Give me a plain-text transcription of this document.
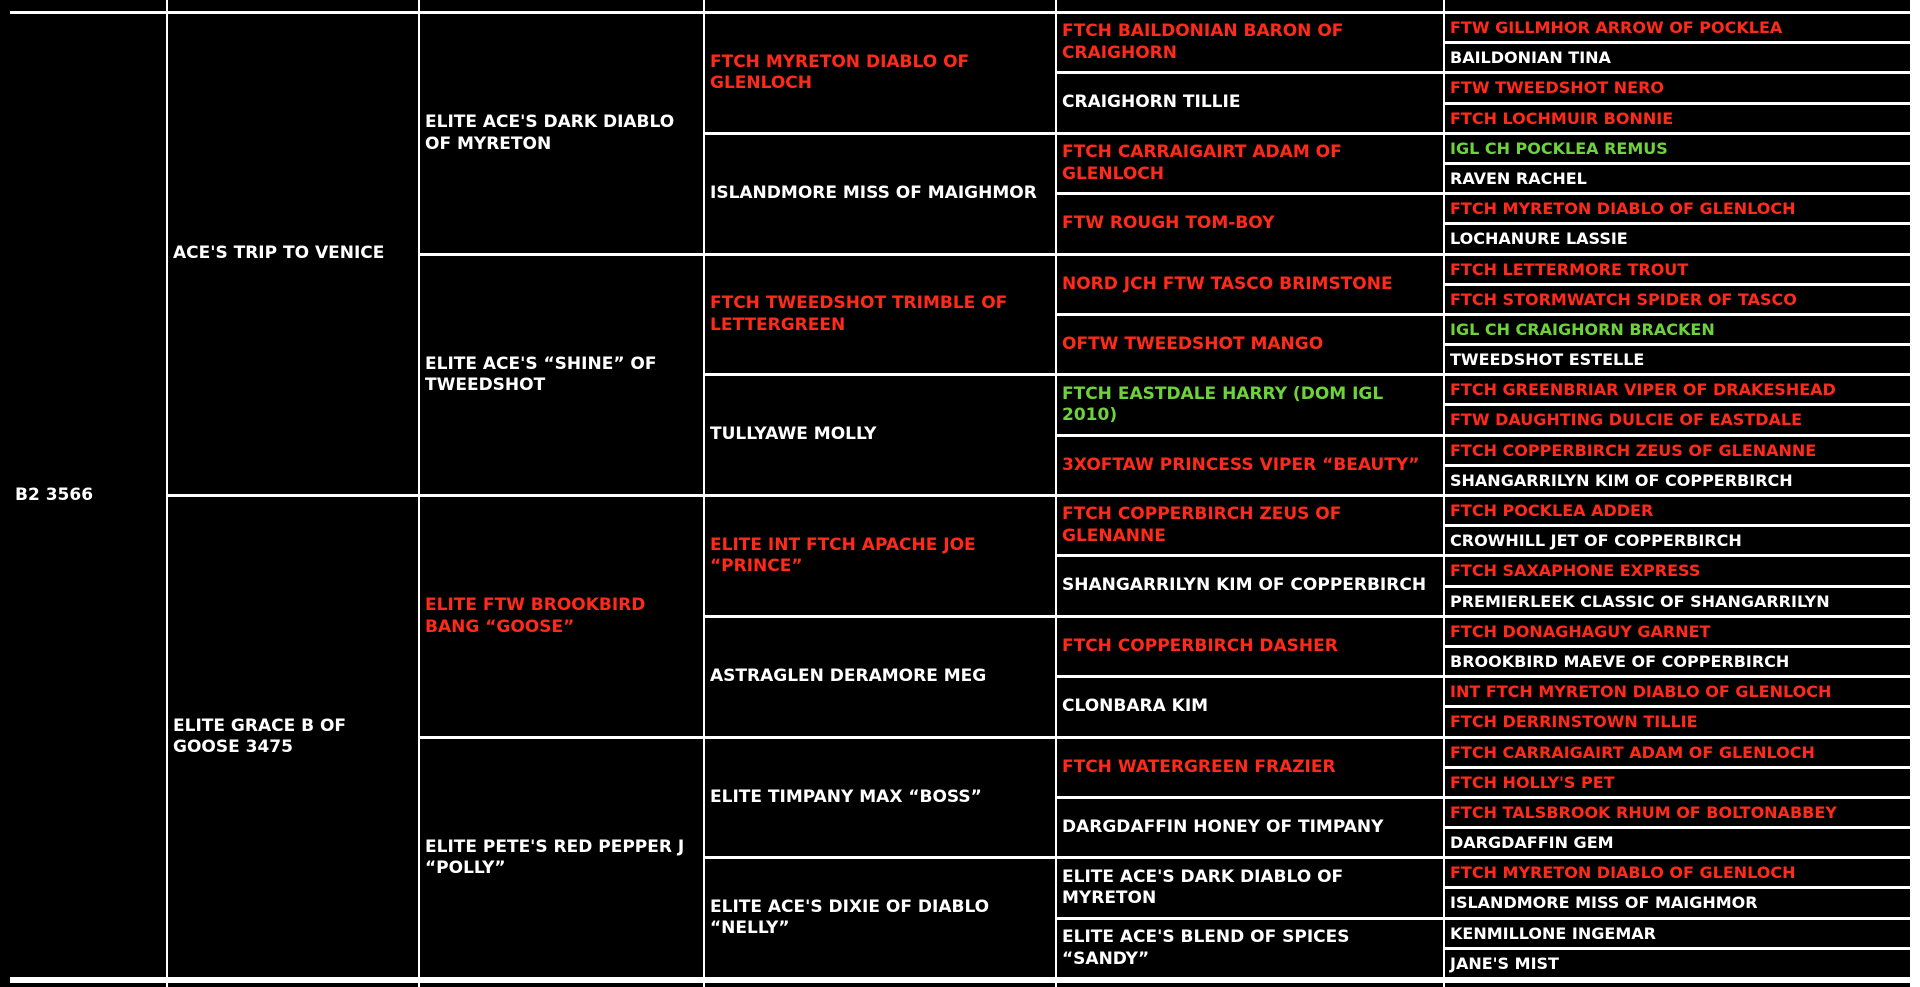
B2 3566
ACE'S TRIP TO VENICE
ELITE GRACE B OF GOOSE 3475
ELITE ACE'S DARK DIABLO OF MYRETON
ELITE ACE'S “SHINE” OF TWEEDSHOT
ELITE FTW BROOKBIRD BANG “GOOSE”
ELITE PETE'S RED PEPPER J “POLLY”
FTCH MYRETON DIABLO OF GLENLOCH
ISLANDMORE MISS OF MAIGHMOR
FTCH TWEEDSHOT TRIMBLE OF LETTERGREEN
TULLYAWE MOLLY
ELITE INT FTCH APACHE JOE “PRINCE”
ASTRAGLEN DERAMORE MEG
ELITE TIMPANY MAX “BOSS”
ELITE ACE'S DIXIE OF DIABLO “NELLY”
FTCH BAILDONIAN BARON OF CRAIGHORN
CRAIGHORN TILLIE
FTCH CARRAIGAIRT ADAM OF GLENLOCH
FTW ROUGH TOM-BOY
NORD JCH FTW TASCO BRIMSTONE
OFTW TWEEDSHOT MANGO
FTCH EASTDALE HARRY (DOM IGL 2010)
3XOFTAW PRINCESS VIPER “BEAUTY”
FTCH COPPERBIRCH ZEUS OF GLENANNE
SHANGARRILYN KIM OF COPPERBIRCH
FTCH COPPERBIRCH DASHER
CLONBARA KIM
FTCH WATERGREEN FRAZIER
DARGDAFFIN HONEY OF TIMPANY
ELITE ACE'S DARK DIABLO OF MYRETON
ELITE ACE'S BLEND OF SPICES “SANDY”
FTW GILLMHOR ARROW OF POCKLEA
BAILDONIAN TINA
FTW TWEEDSHOT NERO
FTCH LOCHMUIR BONNIE
IGL CH POCKLEA REMUS
RAVEN RACHEL
FTCH MYRETON DIABLO OF GLENLOCH
LOCHANURE LASSIE
FTCH LETTERMORE TROUT
FTCH STORMWATCH SPIDER OF TASCO
IGL CH CRAIGHORN BRACKEN
TWEEDSHOT ESTELLE
FTCH GREENBRIAR VIPER OF DRAKESHEAD
FTW DAUGHTING DULCIE OF EASTDALE
FTCH COPPERBIRCH ZEUS OF GLENANNE
SHANGARRILYN KIM OF COPPERBIRCH
FTCH POCKLEA ADDER
CROWHILL JET OF COPPERBIRCH
FTCH SAXAPHONE EXPRESS
PREMIERLEEK CLASSIC OF SHANGARRILYN
FTCH DONAGHAGUY GARNET
BROOKBIRD MAEVE OF COPPERBIRCH
INT FTCH MYRETON DIABLO OF GLENLOCH
FTCH DERRINSTOWN TILLIE
FTCH CARRAIGAIRT ADAM OF GLENLOCH
FTCH HOLLY'S PET
FTCH TALSBROOK RHUM OF BOLTONABBEY
DARGDAFFIN GEM
FTCH MYRETON DIABLO OF GLENLOCH
ISLANDMORE MISS OF MAIGHMOR
KENMILLONE INGEMAR
JANE'S MIST
